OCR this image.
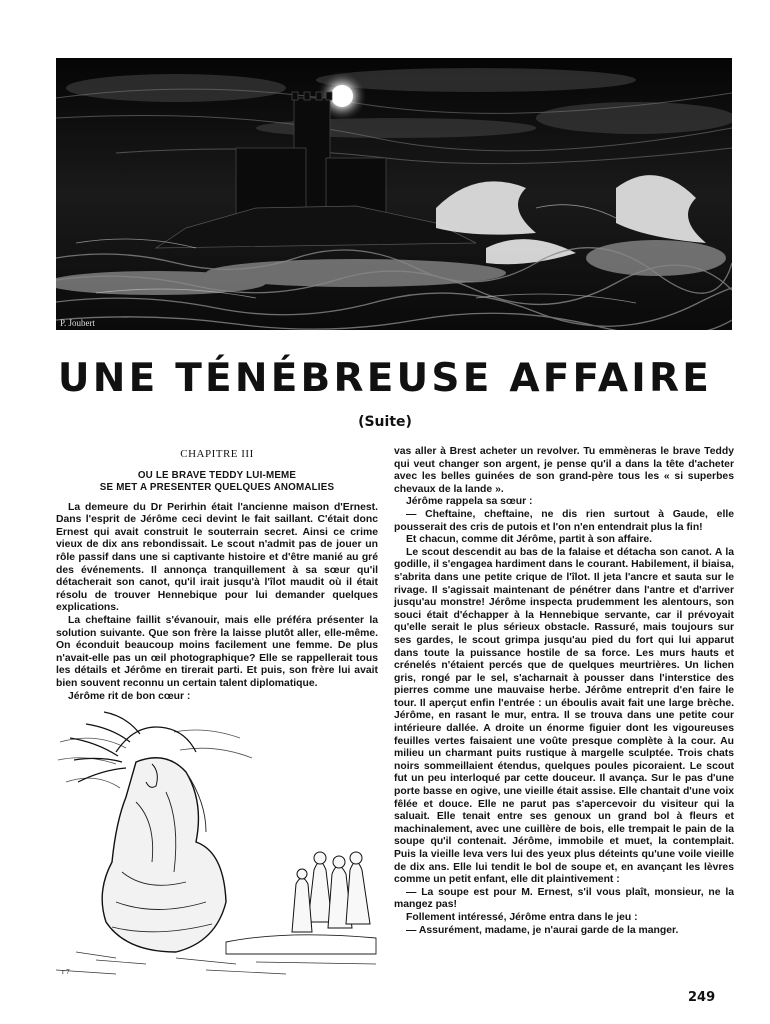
P. Joubert
UNE TÉNÉBREUSE AFFAIRE
(Suite)
CHAPITRE III
OU LE BRAVE TEDDY LUI-MEME
SE MET A PRESENTER QUELQUES ANOMALIES

La demeure du Dr Perirhin était l'ancienne maison d'Ernest. Dans l'esprit de Jérôme ceci devint le fait saillant. C'était donc Ernest qui avait construit le souterrain secret. Ainsi ce crime vieux de dix ans rebondissait. Le scout n'admit pas de jouer un rôle passif dans une si captivante histoire et d'être manié au gré des événements. Il annonça tranquillement à sa sœur qu'il détacherait son canot, qu'il irait jusqu'à l'îlot maudit où il était résolu de trouver Hennebique pour lui demander quelques explications.

La cheftaine faillit s'évanouir, mais elle préféra présenter la solution suivante. Que son frère la laisse plutôt aller, elle-même. On éconduit beaucoup moins facilement une femme. De plus n'avait-elle pas un œil photographique? Elle se rappellerait tous les détails et Jérôme en tirerait parti. Et puis, son frère lui avait bien souvent reconnu un certain talent diplomatique.

Jérôme rit de bon cœur :

r 7

vas aller à Brest acheter un revolver. Tu emmèneras le brave Teddy qui veut changer son argent, je pense qu'il a dans la tête d'acheter avec les belles guinées de son grand-père tous les « si superbes chevaux de la lande ».

Jérôme rappela sa sœur :

— Cheftaine, cheftaine, ne dis rien surtout à Gaude, elle pousserait des cris de putois et l'on n'en entendrait plus la fin!

Et chacun, comme dit Jérôme, partit à son affaire.

Le scout descendit au bas de la falaise et détacha son canot. A la godille, il s'engagea hardiment dans le courant. Habilement, il biaisa, s'abrita dans une petite crique de l'îlot. Il jeta l'ancre et sauta sur le rivage. Il s'agissait maintenant de pénétrer dans l'antre et d'arriver jusqu'au monstre! Jérôme inspecta prudemment les alentours, son souci était d'échapper à la Hennebique servante, car il prévoyait qu'elle serait le plus sérieux obstacle. Rassuré, mais toujours sur ses gardes, le scout grimpa jusqu'au pied du fort qui lui apparut dans toute la puissance hostile de sa force. Les murs hauts et crénelés n'étaient percés que de quelques meurtrières. Un lichen gris, rongé par le sel, s'acharnait à pousser dans l'interstice des pierres comme une mauvaise herbe. Jérôme entreprit d'en faire le tour. Il aperçut enfin l'entrée : un éboulis avait fait une large brèche. Jérôme, en rasant le mur, entra. Il se trouva dans une petite cour intérieure dallée. A droite un énorme figuier dont les vigoureuses feuilles vertes faisaient une voûte presque complète à la cour. Au milieu un charmant puits rustique à margelle sculptée. Trois chats noirs sommeillaient étendus, quelques poules picoraient. Le scout fut un peu interloqué par cette douceur. Il avança. Sur le pas d'une porte basse en ogive, une vieille était assise. Elle chantait d'une voix fêlée et douce. Elle ne parut pas s'apercevoir du visiteur qui la saluait. Elle tenait entre ses genoux un grand bol à fleurs et machinalement, avec une cuillère de bois, elle trempait le pain de la soupe qu'il contenait. Jérôme, immobile et muet, la contemplait. Puis la vieille leva vers lui des yeux plus déteints qu'une voile vieille de dix ans. Elle lui tendit le bol de soupe et, en avançant les lèvres comme un petit enfant, elle dit plaintivement :

— La soupe est pour M. Ernest, s'il vous plaît, monsieur, ne la mangez pas!

Follement intéressé, Jérôme entra dans le jeu :

— Assurément, madame, je n'aurai garde de la manger.

249
